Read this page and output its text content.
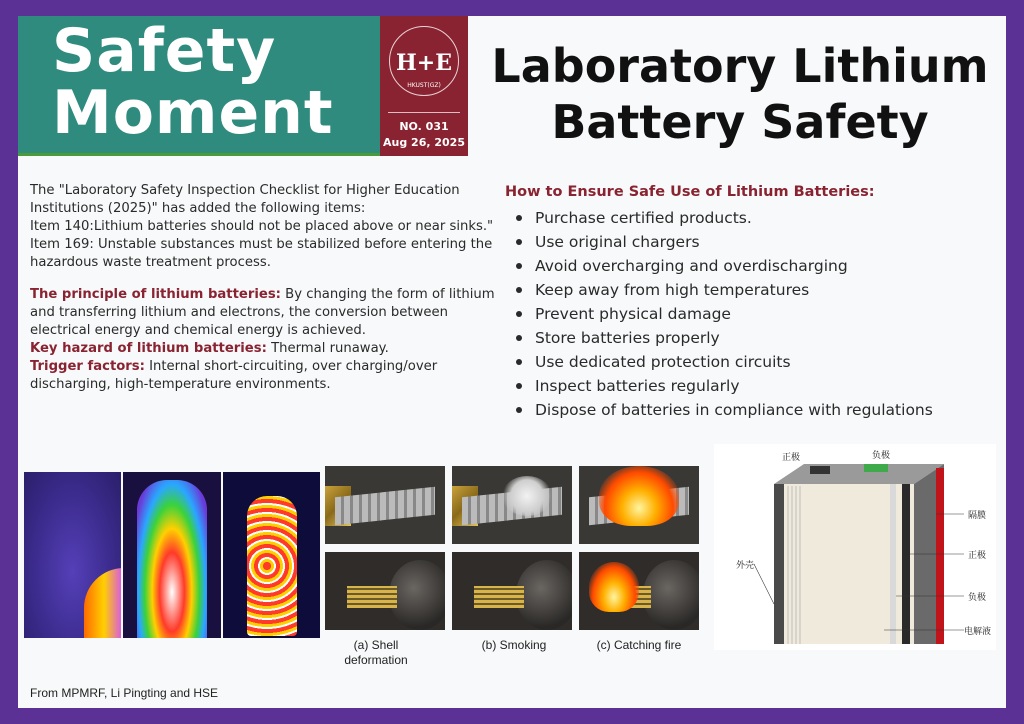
Safety
Moment
H+E
HKUST(GZ)
NO. 031
Aug 26, 2025
Laboratory Lithium
Battery Safety

The "Laboratory Safety Inspection Checklist for Higher Education Institutions (2025)" has added the following items:

Item 140:Lithium batteries should not be placed above or near sinks."

Item 169: Unstable substances must be stabilized before entering the hazardous waste treatment process.

The principle of lithium batteries: By changing the form of lithium and transferring lithium and electrons, the conversion between electrical energy and chemical energy is achieved.

Key hazard of lithium batteries: Thermal runaway.

Trigger factors: Internal short-circuiting, over charging/over discharging, high-temperature environments.

How to Ensure Safe Use of Lithium Batteries:
Purchase certified products.
Use original chargers
Avoid overcharging and overdischarging
Keep away from high temperatures
Prevent physical damage
Store batteries properly
Use dedicated protection circuits
Inspect batteries regularly
Dispose of batteries in compliance with regulations
(a) Shell deformation
(b) Smoking	(c) Catching fire
正极	负极
外壳
隔膜
正极
负极
电解液
From MPMRF, Li Pingting and HSE
